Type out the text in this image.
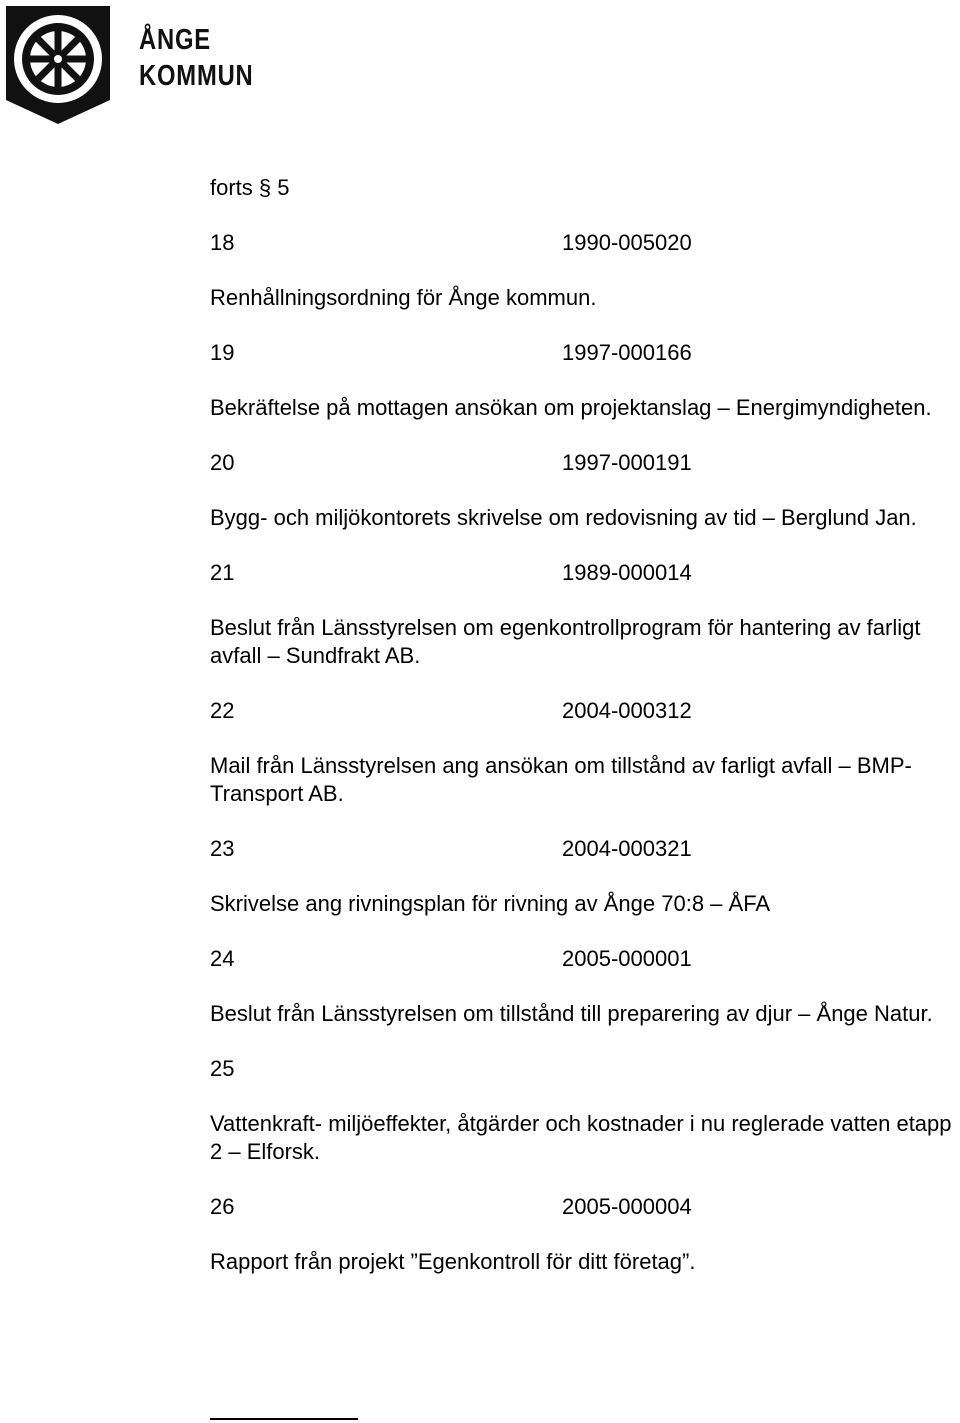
ÅNGE
KOMMUN
forts § 5
18	1990-005020
Renhållningsordning för Ånge kommun.
19	1997-000166
Bekräftelse på mottagen ansökan om projektanslag – Energimyndigheten.
20	1997-000191
Bygg- och miljökontorets skrivelse om redovisning av tid – Berglund Jan.
21	1989-000014
Beslut från Länsstyrelsen om egenkontrollprogram för hantering av farligt avfall – Sundfrakt AB.
22	2004-000312
Mail från Länsstyrelsen ang ansökan om tillstånd av farligt avfall – BMP-Transport AB.
23	2004-000321
Skrivelse ang rivningsplan för rivning av Ånge 70:8 – ÅFA
24	2005-000001
Beslut från Länsstyrelsen om tillstånd till preparering av djur – Ånge Natur.
25
Vattenkraft- miljöeffekter, åtgärder och kostnader i nu reglerade vatten etapp 2 – Elforsk.
26	2005-000004
Rapport från projekt ”Egenkontroll för ditt företag”.
